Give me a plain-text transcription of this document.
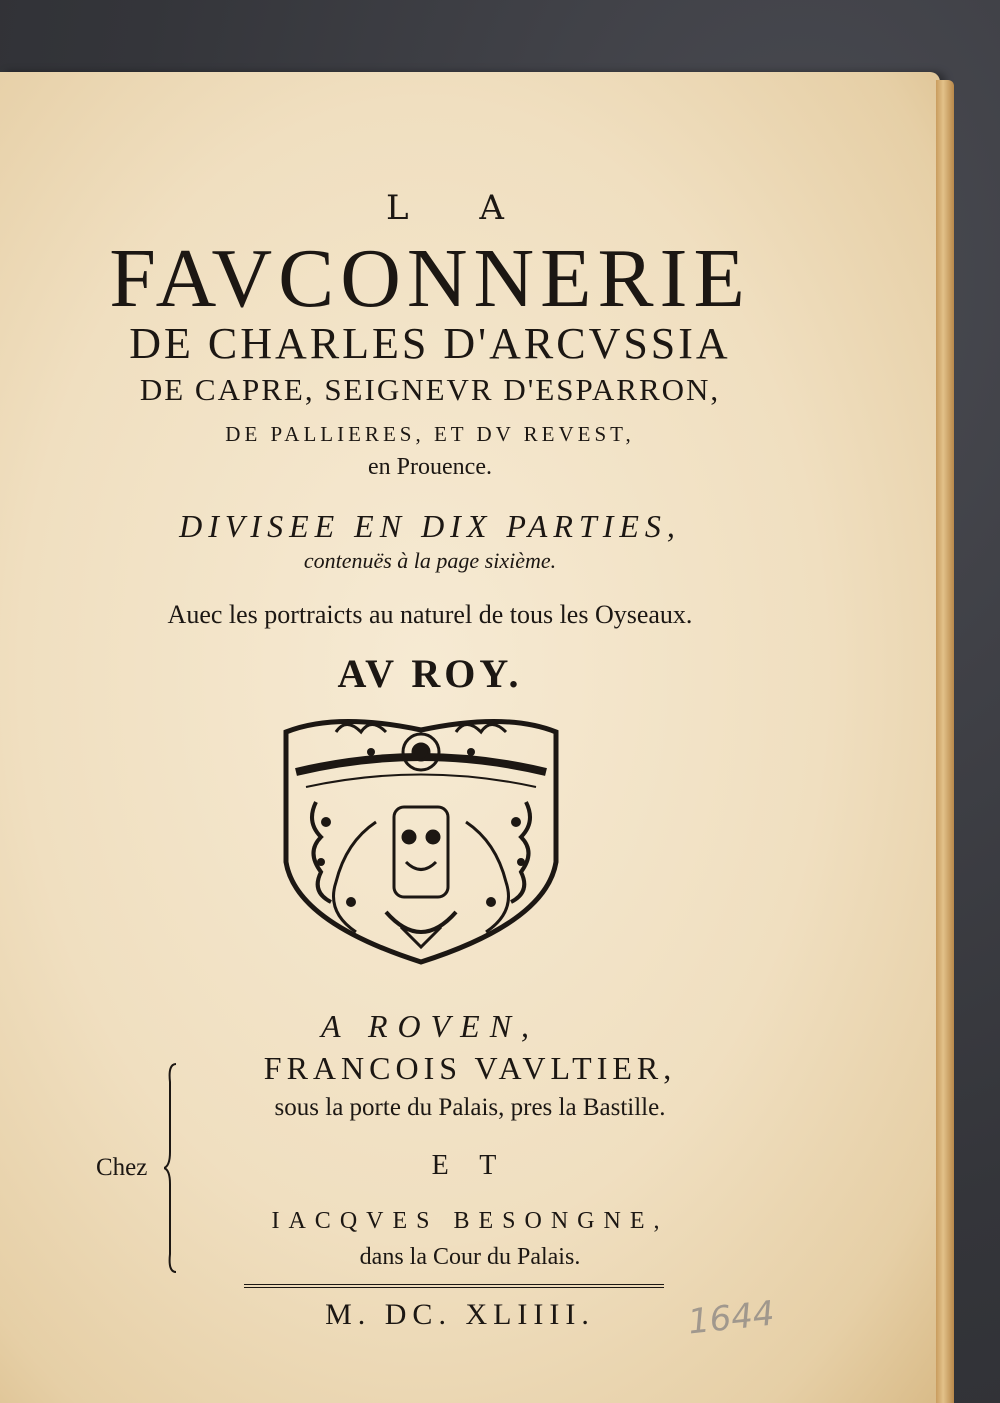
L A
FAVCONNERIE
DE CHARLES D'ARCVSSIA
DE CAPRE, SEIGNEVR D'ESPARRON,
DE PALLIERES, ET DV REVEST,
en Prouence.
DIVISEE EN DIX PARTIES,
contenuës à la page sixième.
Auec les portraicts au naturel de tous les Oyseaux.
AV ROY.
A ROVEN,
FRANCOIS VAVLTIER,
sous la porte du Palais, pres la Bastille.
E T
IACQVES BESONGNE,
dans la Cour du Palais.
Chez
M. DC. XLIIII.	1644
